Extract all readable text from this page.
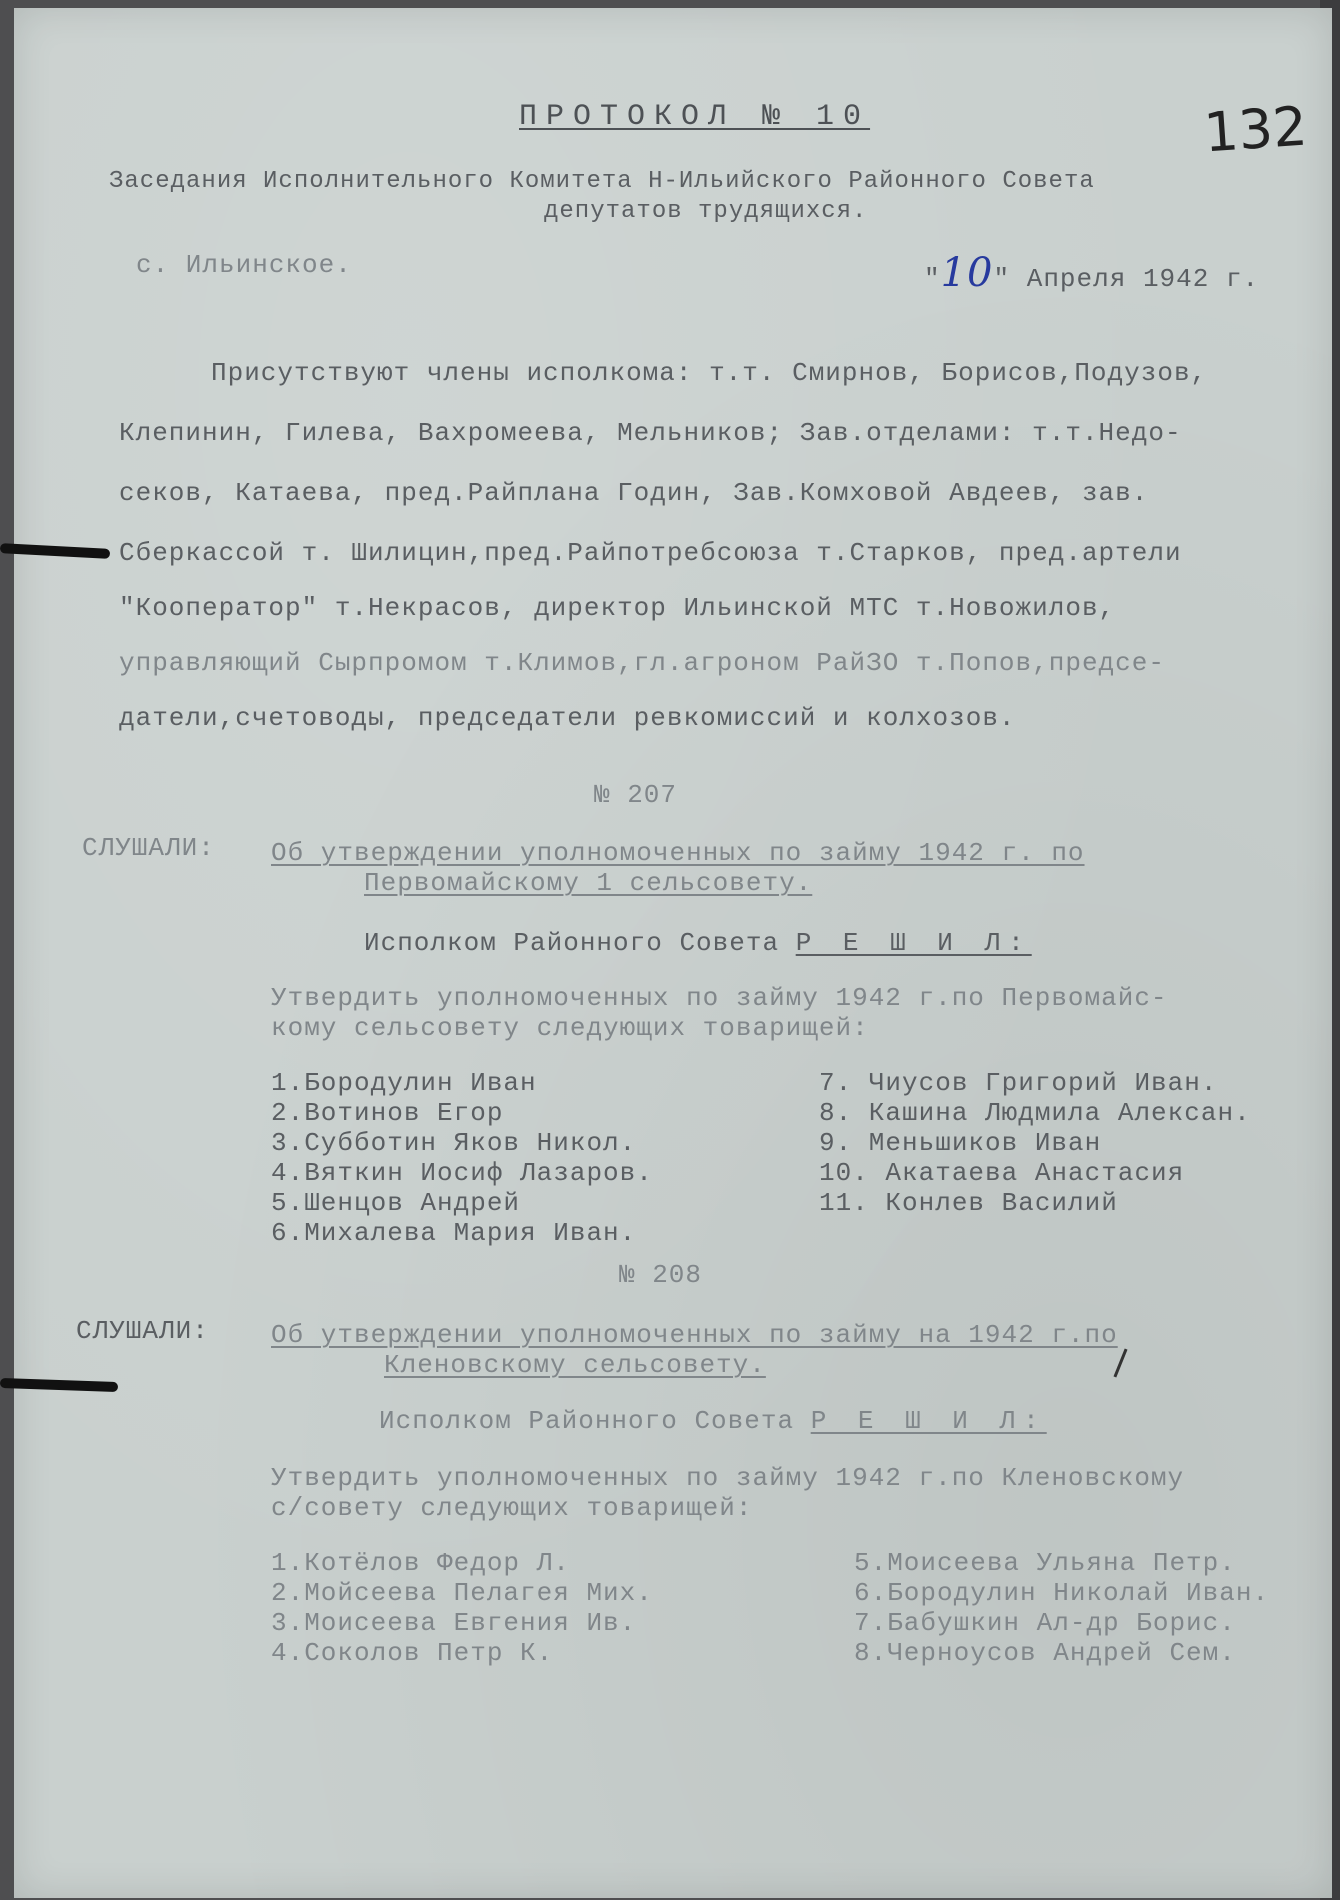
ПРОТОКОЛ № 10	132
Заседания Исполнительного Комитета Н-Ильийского Районного Совета
депутатов трудящихся.
с. Ильинское.	"10" Апреля 1942 г.
Присутствуют члены исполкома: т.т. Смирнов, Борисов,Подузов,
Клепинин, Гилева, Вахромеева, Мельников; Зав.отделами: т.т.Недо-
секов, Катаева, пред.Райплана Годин, Зав.Комховой Авдеев, зав.
Сберкассой т. Шилицин,пред.Райпотребсоюза т.Старков, пред.артели
"Кооператор" т.Некрасов, директор Ильинской МТС т.Новожилов,
управляющий Сырпромом т.Климов,гл.агроном РайЗО т.Попов,предсе-
датели,счетоводы, председатели ревкомиссий и колхозов.
№ 207
СЛУШАЛИ: Об утверждении уполномоченных по займу 1942 г. по
Первомайскому 1 сельсовету.
Исполком Районного Совета Р Е Ш И Л:
Утвердить уполномоченных по займу 1942 г.по Первомайс-
кому сельсовету следующих товарищей:
1.Бородулин Иван
2.Вотинов Егор
3.Субботин Яков Никол.
4.Вяткин Иосиф Лазаров.
5.Шенцов Андрей
6.Михалева Мария Иван.
7. Чиусов Григорий Иван.
8. Кашина Людмила Алексан.
9. Меньшиков Иван
10. Акатаева Анастасия
11. Конлев Василий
№ 208
СЛУШАЛИ: Об утверждении уполномоченных по займу на 1942 г.по
Кленовскому сельсовету.
Исполком Районного Совета Р Е Ш И Л:
Утвердить уполномоченных по займу 1942 г.по Кленовскому
с/совету следующих товарищей:
1.Котёлов Федор Л.
2.Мойсеева Пелагея Мих.
3.Моисеева Евгения Ив.
4.Соколов Петр К.
5.Моисеева Ульяна Петр.
6.Бородулин Николай Иван.
7.Бабушкин Ал-др Борис.
8.Черноусов Андрей Сем.
